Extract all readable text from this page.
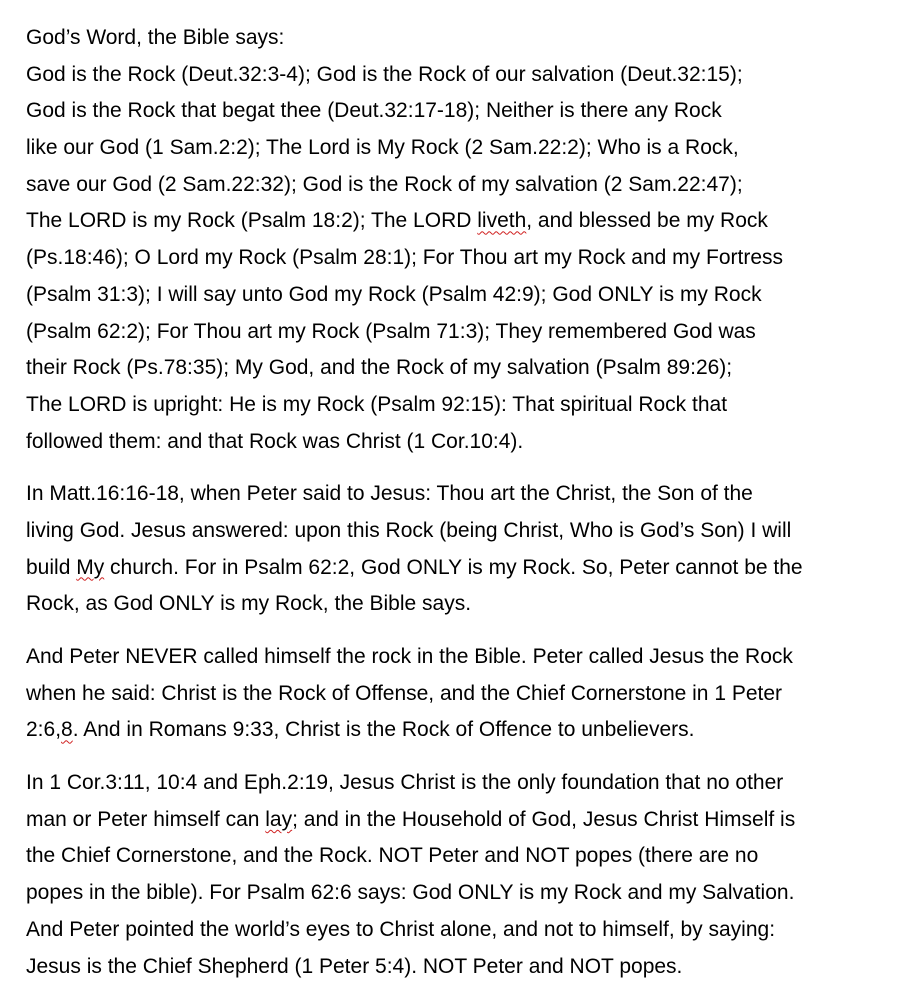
God’s Word, the Bible says:
God is the Rock (Deut.32:3-4); God is the Rock of our salvation (Deut.32:15);
God is the Rock that begat thee (Deut.32:17-18); Neither is there any Rock
like our God (1 Sam.2:2); The Lord is My Rock (2 Sam.22:2); Who is a Rock,
save our God (2 Sam.22:32); God is the Rock of my salvation (2 Sam.22:47);
The LORD is my Rock (Psalm 18:2); The LORD liveth, and blessed be my Rock
(Ps.18:46); O Lord my Rock (Psalm 28:1); For Thou art my Rock and my Fortress
(Psalm 31:3); I will say unto God my Rock (Psalm 42:9); God ONLY is my Rock
(Psalm 62:2); For Thou art my Rock (Psalm 71:3); They remembered God was
their Rock (Ps.78:35); My God, and the Rock of my salvation (Psalm 89:26);
The LORD is upright: He is my Rock (Psalm 92:15): That spiritual Rock that
followed them: and that Rock was Christ (1 Cor.10:4).

In Matt.16:16-18, when Peter said to Jesus: Thou art the Christ, the Son of the
living God. Jesus answered: upon this Rock (being Christ, Who is God’s Son) I will
build My church. For in Psalm 62:2, God ONLY is my Rock. So, Peter cannot be the
Rock, as God ONLY is my Rock, the Bible says.

And Peter NEVER called himself the rock in the Bible. Peter called Jesus the Rock
when he said: Christ is the Rock of Offense, and the Chief Cornerstone in 1 Peter
2:6,8. And in Romans 9:33, Christ is the Rock of Offence to unbelievers.

In 1 Cor.3:11, 10:4 and Eph.2:19, Jesus Christ is the only foundation that no other
man or Peter himself can lay; and in the Household of God, Jesus Christ Himself is
the Chief Cornerstone, and the Rock. NOT Peter and NOT popes (there are no
popes in the bible). For Psalm 62:6 says: God ONLY is my Rock and my Salvation.
And Peter pointed the world’s eyes to Christ alone, and not to himself, by saying:
Jesus is the Chief Shepherd (1 Peter 5:4). NOT Peter and NOT popes.
